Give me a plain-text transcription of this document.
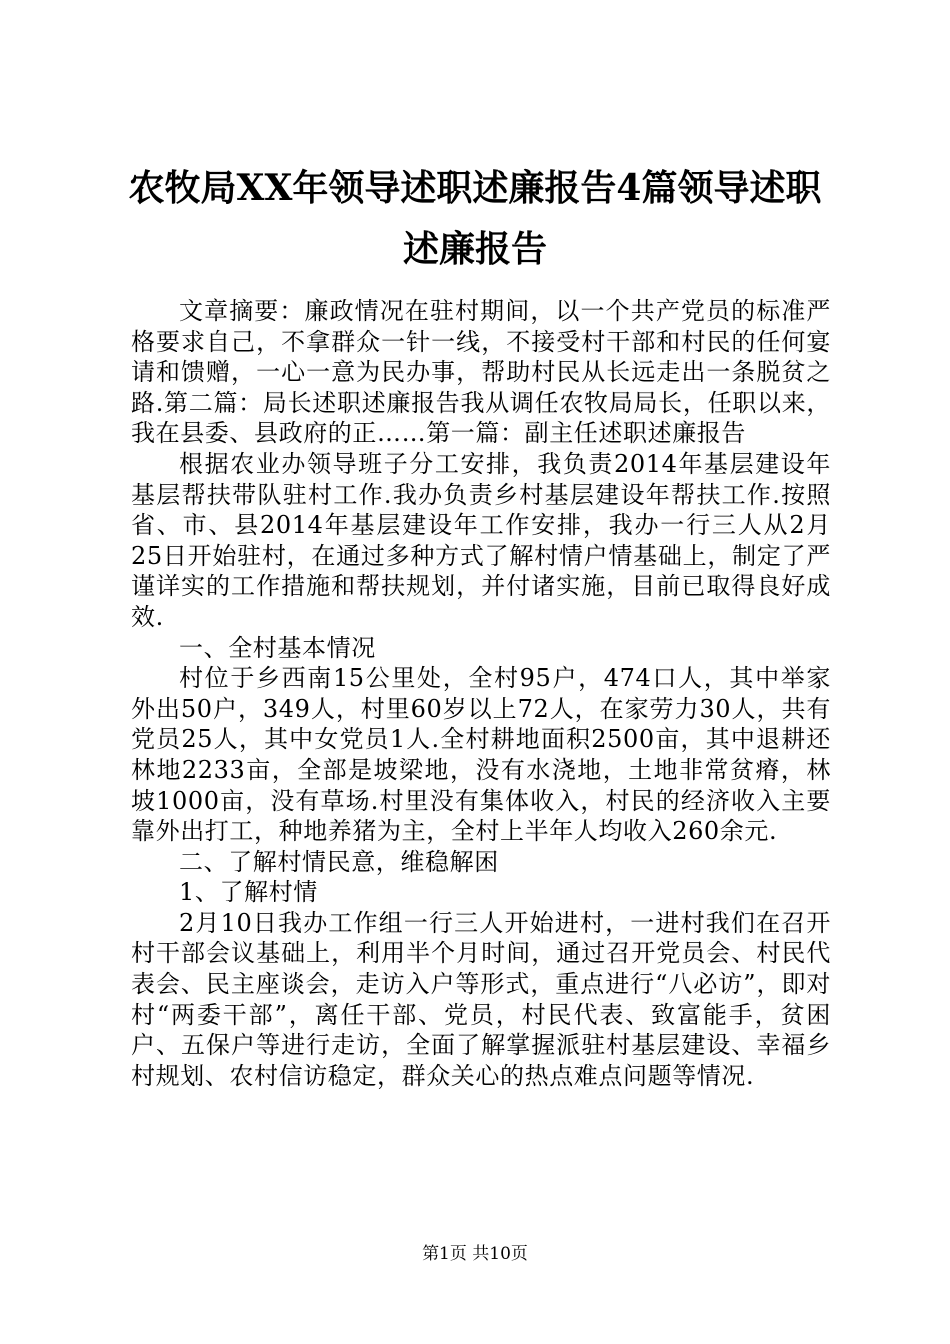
农牧局XX年领导述职述廉报告4篇领导述职述廉报告

文章摘要：廉政情况在驻村期间，以一个共产党员的标准严格要求自己，不拿群众一针一线，不接受村干部和村民的任何宴请和馈赠，一心一意为民办事，帮助村民从长远走出一条脱贫之路.第二篇：局长述职述廉报告我从调任农牧局局长，任职以来，我在县委、县政府的正……第一篇：副主任述职述廉报告

根据农业办领导班子分工安排，我负责2014年基层建设年基层帮扶带队驻村工作.我办负责乡村基层建设年帮扶工作.按照省、市、县2014年基层建设年工作安排，我办一行三人从2月25日开始驻村，在通过多种方式了解村情户情基础上，制定了严谨详实的工作措施和帮扶规划，并付诸实施，目前已取得良好成效.

一、全村基本情况

村位于乡西南15公里处，全村95户，474口人，其中举家外出50户，349人，村里60岁以上72人，在家劳力30人，共有党员25人，其中女党员1人.全村耕地面积2500亩，其中退耕还林地2233亩，全部是坡梁地，没有水浇地，土地非常贫瘠，林坡1000亩，没有草场.村里没有集体收入，村民的经济收入主要靠外出打工，种地养猪为主，全村上半年人均收入260余元.

二、了解村情民意，维稳解困

1、了解村情

2月10日我办工作组一行三人开始进村，一进村我们在召开村干部会议基础上，利用半个月时间，通过召开党员会、村民代表会、民主座谈会，走访入户等形式，重点进行“八必访”，即对村“两委干部”，离任干部、党员，村民代表、致富能手，贫困户、五保户等进行走访，全面了解掌握派驻村基层建设、幸福乡村规划、农村信访稳定，群众关心的热点难点问题等情况.

第1页 共10页
